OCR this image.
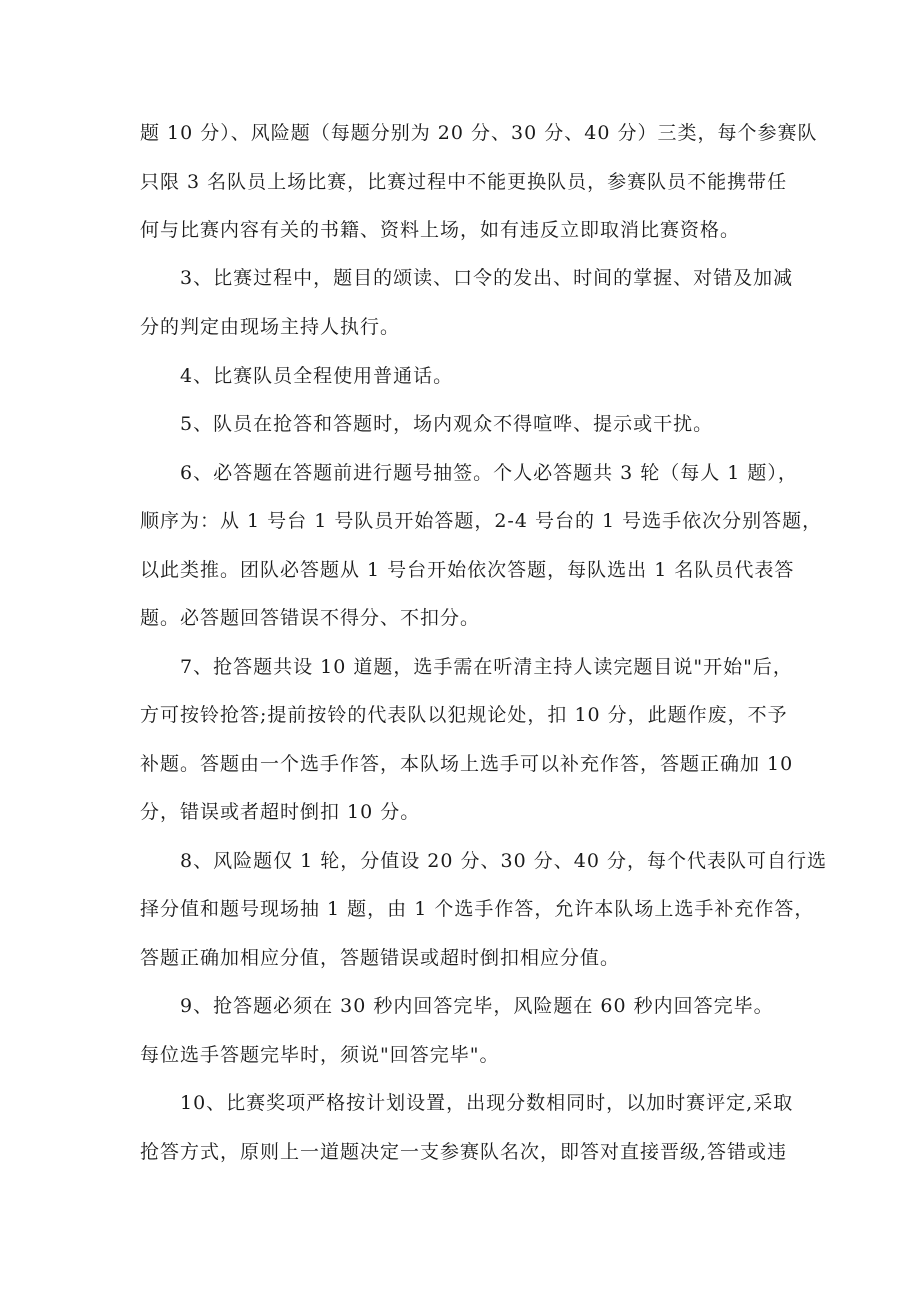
题 10 分）、风险题（每题分别为 20 分、30 分、40 分）三类，每个参赛队
只限 3 名队员上场比赛，比赛过程中不能更换队员，参赛队员不能携带任
何与比赛内容有关的书籍、资料上场，如有违反立即取消比赛资格。
3、比赛过程中，题目的颂读、口令的发出、时间的掌握、对错及加减
分的判定由现场主持人执行。
4、比赛队员全程使用普通话。
5、队员在抢答和答题时，场内观众不得喧哗、提示或干扰。
6、必答题在答题前进行题号抽签。个人必答题共 3 轮（每人 1 题），
顺序为：从 1 号台 1 号队员开始答题，2-4 号台的 1 号选手依次分别答题，
以此类推。团队必答题从 1 号台开始依次答题，每队选出 1 名队员代表答
题。必答题回答错误不得分、不扣分。
7、抢答题共设 10 道题，选手需在听清主持人读完题目说"开始"后，
方可按铃抢答;提前按铃的代表队以犯规论处，扣 10 分，此题作废，不予
补题。答题由一个选手作答，本队场上选手可以补充作答，答题正确加 10
分，错误或者超时倒扣 10 分。
8、风险题仅 1 轮，分值设 20 分、30 分、40 分，每个代表队可自行选
择分值和题号现场抽 1 题，由 1 个选手作答，允许本队场上选手补充作答，
答题正确加相应分值，答题错误或超时倒扣相应分值。
9、抢答题必须在 30 秒内回答完毕，风险题在 60 秒内回答完毕。
每位选手答题完毕时，须说"回答完毕"。
10、比赛奖项严格按计划设置，出现分数相同时，以加时赛评定,采取
抢答方式，原则上一道题决定一支参赛队名次，即答对直接晋级,答错或违
